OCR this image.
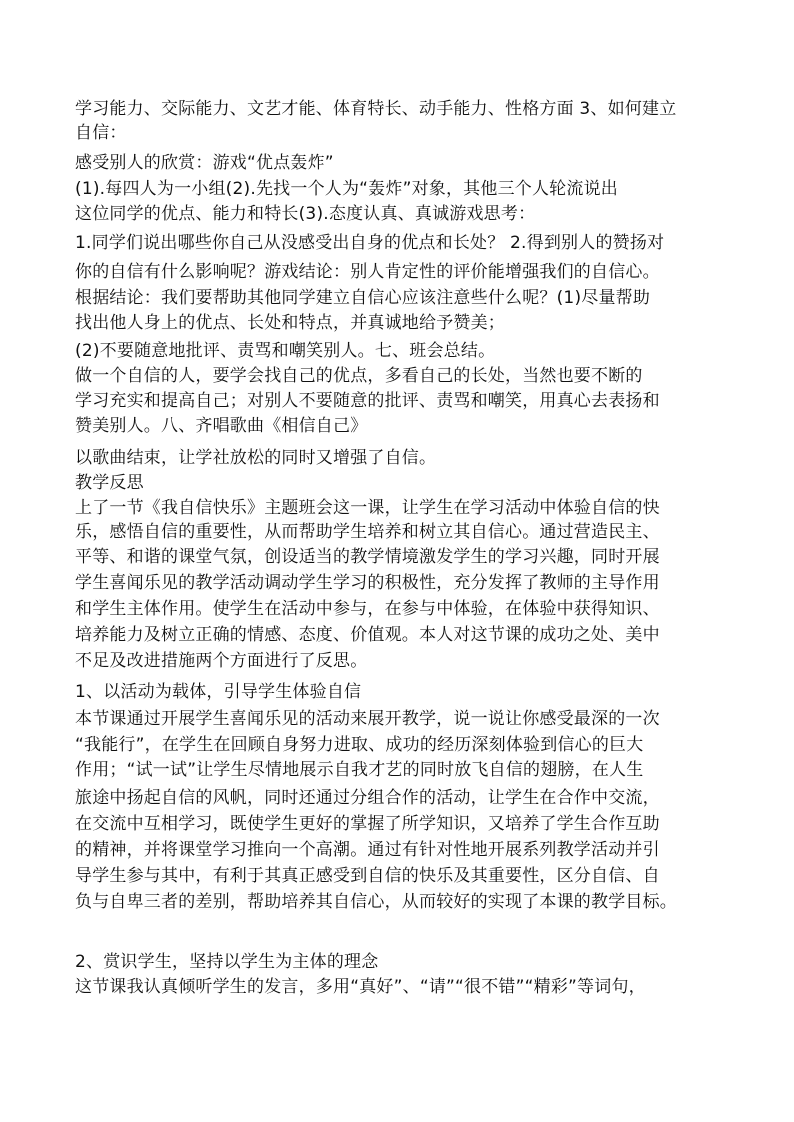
学习能力、交际能力、文艺才能、体育特长、动手能力、性格方面 3、如何建立
自信：
感受别人的欣赏：游戏“优点轰炸”
(1).每四人为一小组(2).先找一个人为“轰炸”对象，其他三个人轮流说出
这位同学的优点、能力和特长(3).态度认真、真诚游戏思考：
1.同学们说出哪些你自己从没感受出自身的优点和长处？ 2.得到别人的赞扬对
你的自信有什么影响呢？游戏结论：别人肯定性的评价能增强我们的自信心。
根据结论：我们要帮助其他同学建立自信心应该注意些什么呢？(1)尽量帮助
找出他人身上的优点、长处和特点，并真诚地给予赞美；
(2)不要随意地批评、责骂和嘲笑别人。七、班会总结。
做一个自信的人，要学会找自己的优点，多看自己的长处，当然也要不断的
学习充实和提高自己；对别人不要随意的批评、责骂和嘲笑，用真心去表扬和
赞美别人。八、齐唱歌曲《相信自己》
以歌曲结束，让学社放松的同时又增强了自信。
教学反思
上了一节《我自信快乐》主题班会这一课，让学生在学习活动中体验自信的快
乐，感悟自信的重要性，从而帮助学生培养和树立其自信心。通过营造民主、
平等、和谐的课堂气氛，创设适当的教学情境激发学生的学习兴趣，同时开展
学生喜闻乐见的教学活动调动学生学习的积极性，充分发挥了教师的主导作用
和学生主体作用。使学生在活动中参与，在参与中体验，在体验中获得知识、
培养能力及树立正确的情感、态度、价值观。本人对这节课的成功之处、美中
不足及改进措施两个方面进行了反思。
1、以活动为载体，引导学生体验自信
本节课通过开展学生喜闻乐见的活动来展开教学，说一说让你感受最深的一次
“我能行”，在学生在回顾自身努力进取、成功的经历深刻体验到信心的巨大
作用；“试一试”让学生尽情地展示自我才艺的同时放飞自信的翅膀，在人生
旅途中扬起自信的风帆，同时还通过分组合作的活动，让学生在合作中交流，
在交流中互相学习，既使学生更好的掌握了所学知识，又培养了学生合作互助
的精神，并将课堂学习推向一个高潮。通过有针对性地开展系列教学活动并引
导学生参与其中，有利于其真正感受到自信的快乐及其重要性，区分自信、自
负与自卑三者的差别，帮助培养其自信心，从而较好的实现了本课的教学目标。
2、赏识学生，坚持以学生为主体的理念
这节课我认真倾听学生的发言，多用“真好”、“请”“很不错”“精彩”等词句，
